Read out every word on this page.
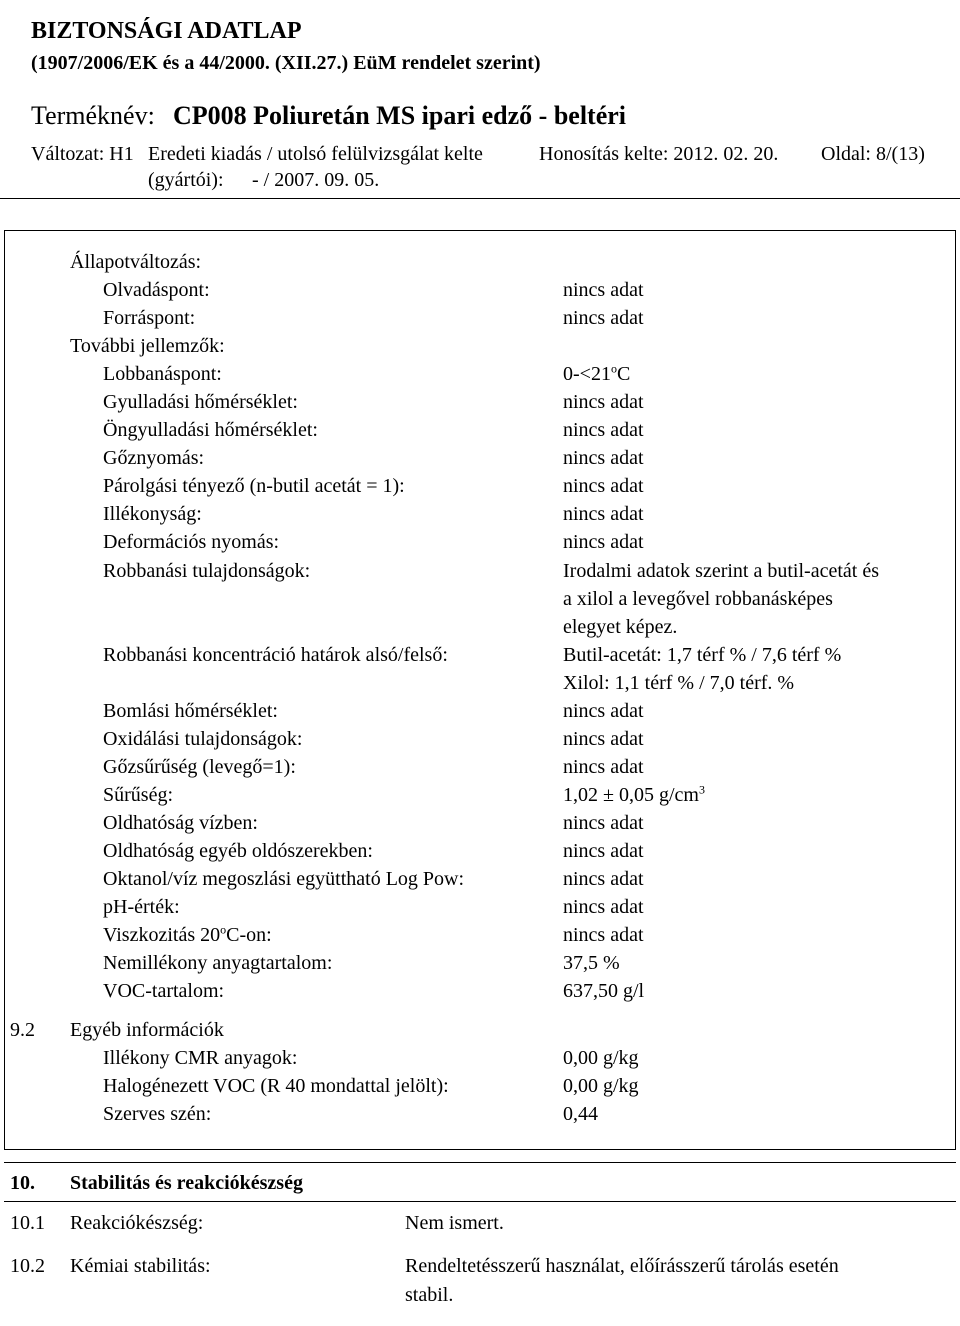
BIZTONSÁGI ADATLAP
(1907/2006/EK és a 44/2000. (XII.27.) EüM rendelet szerint)
Terméknév: CP008 Poliuretán MS ipari edző - beltéri
Változat: H1 Eredeti kiadás / utolsó felülvizsgálat kelte	Honosítás kelte: 2012. 02. 20. Oldal: 8/(13)
(gyártói): - / 2007. 09. 05.
Állapotváltozás:
Olvadáspont:	nincs adat
Forráspont:	nincs adat
További jellemzők:
Lobbanáspont:	$0-<21^oC$
Gyulladási hőmérséklet:	nincs adat
Öngyulladási hőmérséklet:	nincs adat
Gőznyomás:	nincs adat
Párolgási tényező (n-butil acetát = 1):	nincs adat
Illékonyság:	nincs adat
Deformációs nyomás:	nincs adat
Robbanási tulajdonságok:	Irodalmi adatok szerint a butil-acetát és
a xilol a levegővel robbanásképes
elegyet képez.
Robbanási koncentráció határok alsó/felső:	Butil-acetát: 1,7 térf % / 7,6 térf %
Xilol: 1,1 térf % / 7,0 térf. %
Bomlási hőmérséklet:	nincs adat
Oxidálási tulajdonságok:	nincs adat
Gőzsűrűség (levegő=1):	nincs adat
Sűrűség:	1,02 ± 0,05 $g/cm^3$
Oldhatóság vízben:	nincs adat
Oldhatóság egyéb oldószerekben:	nincs adat
Oktanol/víz megoszlási együttható Log Pow:	nincs adat
pH-érték:	nincs adat
Viszkozitás 20$^o$C-on:	nincs adat
Nemillékony anyagtartalom:	37,5 %
VOC-tartalom:	637,50 g/l
9.2 Egyéb információk
Illékony CMR anyagok:	0,00 g/kg
Halogénezett VOC (R 40 mondattal jelölt):	0,00 g/kg
Szerves szén:	0,44
10. Stabilitás és reakciókészség
10.1 Reakciókészség:	Nem ismert.
10.2 Kémiai stabilitás:	Rendeltetésszerű használat, előírásszerű tárolás esetén
stabil.
